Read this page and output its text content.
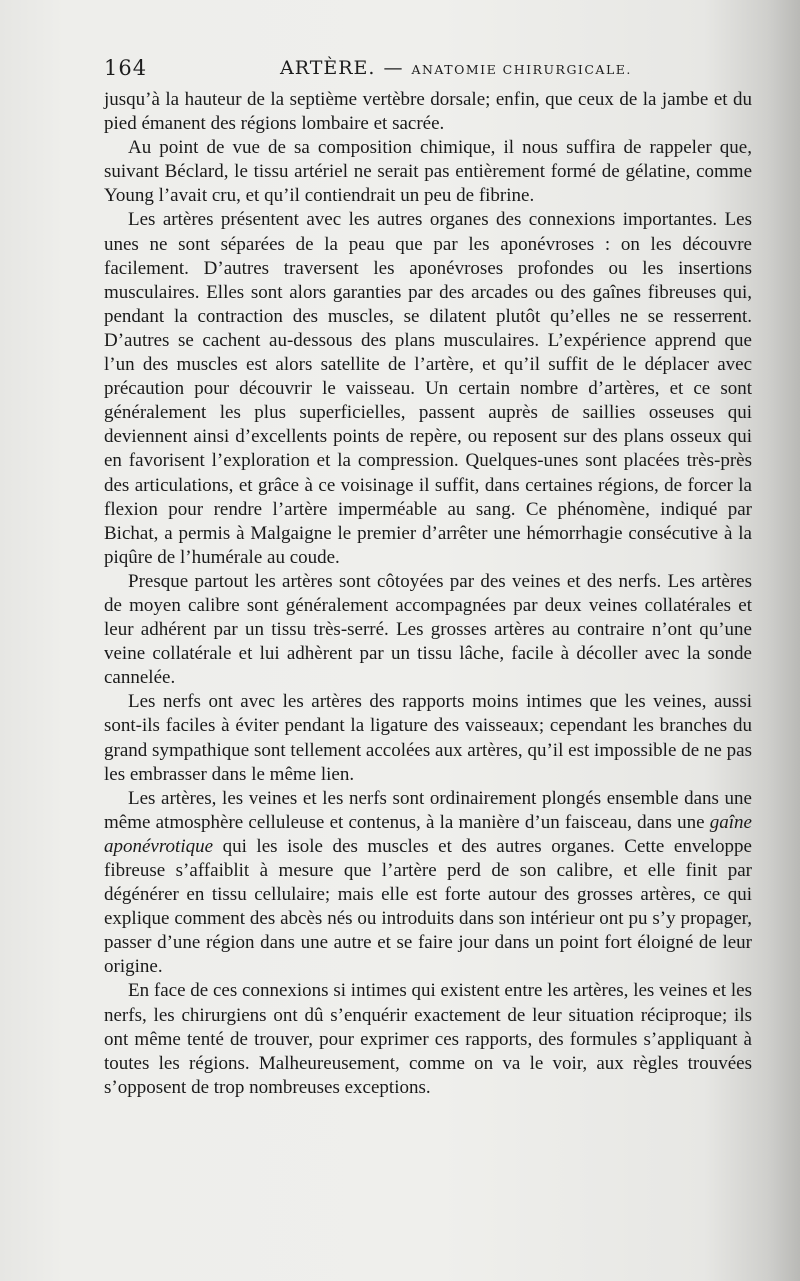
164	ARTÈRE. — ANATOMIE CHIRURGICALE.

jusqu’à la hauteur de la septième vertèbre dorsale; enfin, que ceux de la jambe et du pied émanent des régions lombaire et sacrée.

Au point de vue de sa composition chimique, il nous suffira de rappeler que, suivant Béclard, le tissu artériel ne serait pas entièrement formé de gélatine, comme Young l’avait cru, et qu’il contiendrait un peu de fibrine.

Les artères présentent avec les autres organes des connexions importantes. Les unes ne sont séparées de la peau que par les aponévroses : on les découvre facilement. D’autres traversent les aponévroses profondes ou les insertions musculaires. Elles sont alors garanties par des arcades ou des gaînes fibreuses qui, pendant la contraction des muscles, se dilatent plutôt qu’elles ne se resserrent. D’autres se cachent au-dessous des plans musculaires. L’expérience apprend que l’un des muscles est alors satellite de l’artère, et qu’il suffit de le déplacer avec précaution pour découvrir le vaisseau. Un certain nombre d’artères, et ce sont généralement les plus superficielles, passent auprès de saillies osseuses qui deviennent ainsi d’excellents points de repère, ou reposent sur des plans osseux qui en favorisent l’exploration et la compression. Quelques-unes sont placées très-près des articulations, et grâce à ce voisinage il suffit, dans certaines régions, de forcer la flexion pour rendre l’artère imperméable au sang. Ce phénomène, indiqué par Bichat, a permis à Malgaigne le premier d’arrêter une hémorrhagie consécutive à la piqûre de l’humérale au coude.

Presque partout les artères sont côtoyées par des veines et des nerfs. Les artères de moyen calibre sont généralement accompagnées par deux veines collatérales et leur adhérent par un tissu très-serré. Les grosses artères au contraire n’ont qu’une veine collatérale et lui adhèrent par un tissu lâche, facile à décoller avec la sonde cannelée.

Les nerfs ont avec les artères des rapports moins intimes que les veines, aussi sont-ils faciles à éviter pendant la ligature des vaisseaux; cependant les branches du grand sympathique sont tellement accolées aux artères, qu’il est impossible de ne pas les embrasser dans le même lien.

Les artères, les veines et les nerfs sont ordinairement plongés ensemble dans une même atmosphère celluleuse et contenus, à la manière d’un faisceau, dans une gaîne aponévrotique qui les isole des muscles et des autres organes. Cette enveloppe fibreuse s’affaiblit à mesure que l’artère perd de son calibre, et elle finit par dégénérer en tissu cellulaire; mais elle est forte autour des grosses artères, ce qui explique comment des abcès nés ou introduits dans son intérieur ont pu s’y propager, passer d’une région dans une autre et se faire jour dans un point fort éloigné de leur origine.

En face de ces connexions si intimes qui existent entre les artères, les veines et les nerfs, les chirurgiens ont dû s’enquérir exactement de leur situation réciproque; ils ont même tenté de trouver, pour exprimer ces rapports, des formules s’appliquant à toutes les régions. Malheureusement, comme on va le voir, aux règles trouvées s’opposent de trop nombreuses exceptions.
